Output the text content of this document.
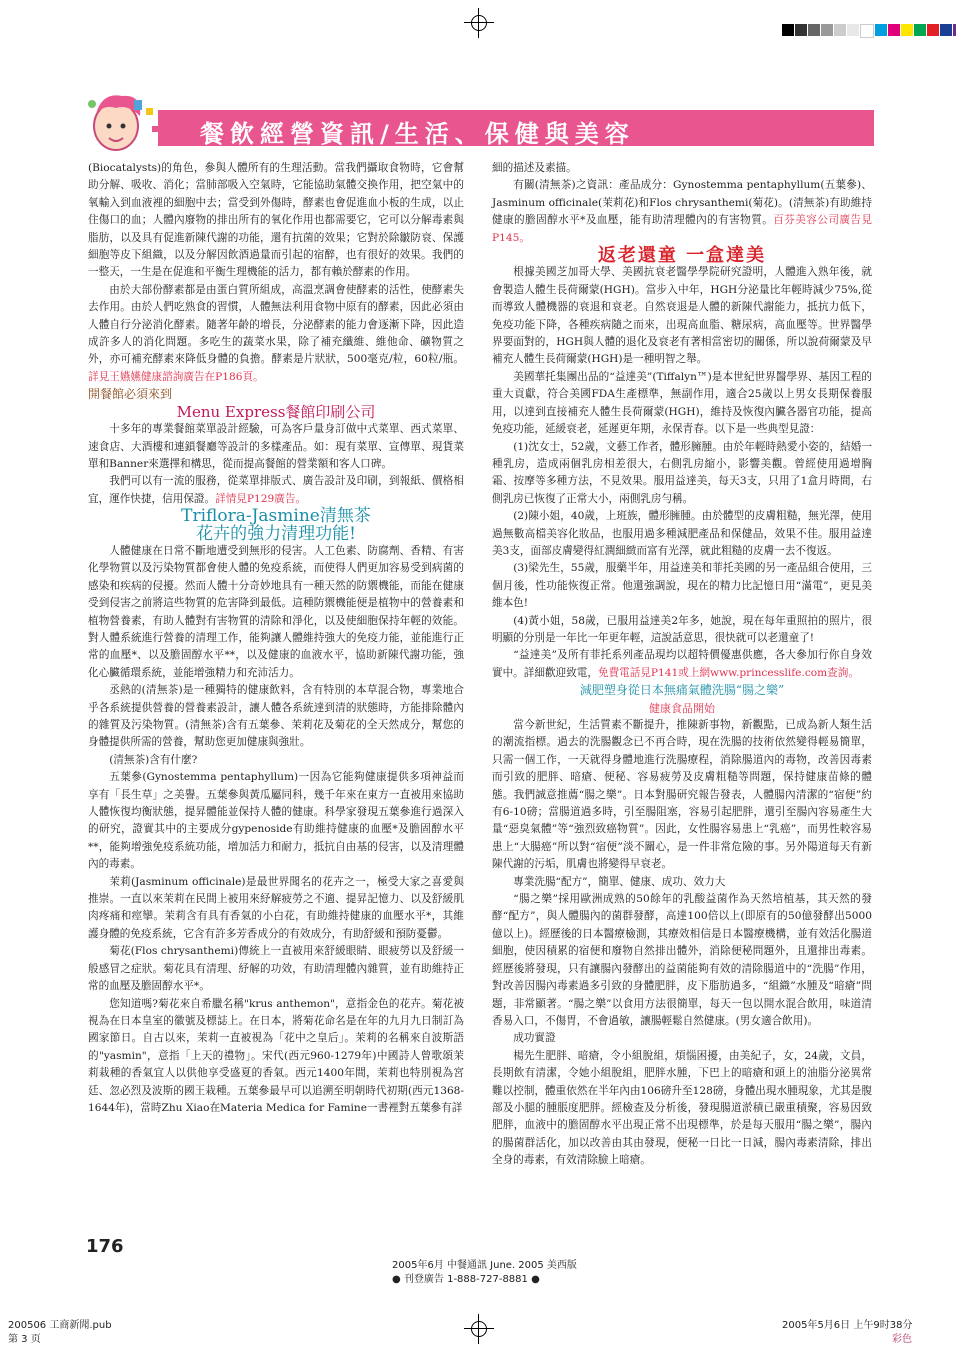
餐飲經營資訊/生活、保健與美容

(Biocatalysts)的角色，參與人體所有的生理活動。當我們攝取食物時，它會幫助分解、吸收、消化；當肺部吸入空氣時，它能協助氣體交換作用，把空氣中的氧輸入到血液裡的細胞中去；當受到外傷時，酵素也會促進血小板的生成，以止住傷口的血；人體內廢物的排出所有的氧化作用也都需要它，它可以分解毒素與脂肪，以及具有促進新陳代謝的功能，還有抗菌的效果；它對於除皺防衰、保護細胞等皮下組織，以及分解因飲酒過量而引起的宿醉，也有很好的效果。我們的一整天，一生是在促進和平衡生理機能的活力，都有賴於酵素的作用。

由於大部份酵素都是由蛋白質所組成，高溫烹調會使酵素的活性，使酵素失去作用。由於人們吃熟食的習慣，人體無法利用食物中原有的酵素，因此必須由人體自行分泌消化酵素。隨著年齡的增長，分泌酵素的能力會逐漸下降，因此造成許多人的消化問題。多吃生的蔬菜水果，除了補充纖維、維他命、礦物質之外，亦可補充酵素來降低身體的負擔。酵素是片狀狀，500毫克/粒，60粒/瓶。詳見王嬿嬿健康諮詢廣告在P186頁。

開餐館必須來到

Menu Express餐館印刷公司

十多年的專業餐館菜單設計經驗，可為客戶量身訂做中式菜單、西式菜單、速食店、大酒樓和連鎖餐廳等設計的多樣產品。如：現有菜單、宣傳單、現貨菜單和Banner來選擇和構思，從而提高餐館的營業額和客人口碑。

我們可以有一流的服務，從菜單排版式、廣告設計及印刷，到報紙、價格相宜，運作快捷，信用保證。詳情見P129廣告。

Triflora-Jasmine清無茶

花卉的強力清理功能!

人體健康在日常不斷地遭受到無形的侵害。人工色素、防腐劑、香精、有害化學物質以及污染物質都會使人體的免疫系統，而使得人們更加容易受到病菌的感染和疾病的侵擾。然而人體十分奇妙地具有一種天然的防禦機能，而能在健康受到侵害之前將這些物質的危害降到最低。這種防禦機能便是植物中的營養素和植物營養素，有助人體對有害物質的清除和淨化，以及使細胞保持年輕的效能。對人體系統進行營養的清理工作，能夠讓人體維持強大的免疫力能，並能進行正常的血壓*、以及膽固醇水平**，以及健康的血液水平，協助新陳代謝功能，強化心臟循環系統，並能增強精力和充沛活力。

丞熱的(清無茶)是一種獨特的健康飲料，含有特別的本草混合物，專業地合乎各系統提供營養的營養素設計，讓人體各系統達到清的狀態時，方能排除體內的雜質及污染物質。(清無茶)含有五葉參、茉莉花及菊花的全天然成分，幫您的身體提供所需的營養，幫助您更加健康與強壯。

(清無茶)含有什麼?

五葉參(Gynostemma pentaphyllum)一因為它能夠健康提供多項神益而享有「長生草」之美譽。五葉參與黃瓜屬同科，幾千年來在東方一直被用來協助人體恢復均衡狀態，提昇體能並保持人體的健康。科學家發現五葉參進行過深入的研究，證實其中的主要成分gypenoside有助維持健康的血壓*及膽固醇水平**，能夠增強免疫系統功能，增加活力和耐力，抵抗自由基的侵害，以及清理體內的毒素。

茉莉(Jasminum officinale)是最世界聞名的花卉之一，極受大家之喜愛與推崇。一直以來茉莉在民間上被用來紓解疲勞之不適、提昇記憶力、以及舒緩肌肉疼痛和痙攣。茉莉含有具有香氣的小白花，有助維持健康的血壓水平*，其維護身體的免疫系統，它含有許多芳香成分的有效成分，有助舒緩和預防憂鬱。

菊花(Flos chrysanthemi)傳統上一直被用來舒緩眼睛、眼疲勞以及舒緩一般感冒之症狀。菊花具有清理、紓解的功效，有助清理體內雜質，並有助維持正常的血壓及膽固醇水平*。

您知道嗎?菊花來自希臘名稱"krus anthemon"，意指金色的花卉。菊花被視為在日本皇室的徽號及標誌上。在日本，將菊花命名是在年的九月九日制訂為國家節日。自古以來，茉莉一直被視為「花中之皇后」。茉莉的名稱來自波斯語的"yasmin"，意指「上天的禮物」。宋代(西元960-1279年)中國詩人曾歌頌茉莉栽種的香氣宜人以供他享受盛夏的香氣。西元1400年間，茉莉也特別視為宮廷、忽必烈及波斯的國王栽種。五葉參最早可以追溯至明朝時代初期(西元1368-1644年)，當時Zhu Xiao在Materia Medica for Famine一書裡對五葉參有詳

細的描述及素描。

有關(清無茶)之資訊：產品成分：Gynostemma pentaphyllum(五葉參)、Jasminum officinale(茉莉花)和Flos chrysanthemi(菊花)。(清無茶)有助維持健康的膽固醇水平*及血壓，能有助清理體內的有害物質。百芬美容公司廣告見P145。

返老還童 一盒達美

根據美國芝加哥大學、美國抗衰老醫學學院研究證明，人體進入熟年後，就會製造人體生長荷爾蒙(HGH)。當步入中年，HGH分泌量比年輕時減少75%,從而導致人體機器的衰退和衰老。自然衰退是人體的新陳代謝能力，抵抗力低下，免疫功能下降，各種疾病隨之而來，出現高血脂、糖尿病，高血壓等。世界醫學界要面對的，HGH與人體的退化及衰老有著相當密切的關係，所以說荷爾蒙及早補充人體生長荷爾蒙(HGH)是一種明智之舉。

美國華托集團出品的“益達美”(Tiffalyn™)是本世紀世界醫學界、基因工程的重大貢獻，符合美國FDA生產標準，無副作用，適合25歲以上男女長期保養服用，以達到直接補充人體生長荷爾蒙(HGH)，維持及恢復內臟各器官功能，提高免疫功能，延緩衰老，延遲更年期，永保青春。以下是一些典型見證：

(1)沈女士，52歲，文藝工作者，體形臃腫。由於年輕時熱愛小姿的，結婚一種乳房，造成兩個乳房相差很大，右側乳房縮小，影響美觀。曾經使用過增胸霜、按摩等多種方法，不見效果。服用益達美，每天3支，只用了1盒月時間，右側乳房已恢復了正常大小，兩側乳房勻稱。

(2)陳小姐，40歲，上班族，體形臃腫。由於體型的皮膚粗糙，無光澤，使用過無數高檔美容化妝品，也服用過多種減肥產品和保健品，效果不佳。服用益達美3支，面部皮膚變得紅潤細緻而富有光澤，就此粗糙的皮膚一去不復返。

(3)梁先生，55歲，服藥半年，用益達美和菲托美國的另一產品組合使用，三個月後，性功能恢復正常。他還強調說，現在的精力比記憶日用“滿電”，更見美維本色!

(4)黃小姐，58歲，已服用益達美2年多，她說，現在每年重照拍的照片，很明顯的分別是一年比一年更年輕，這說話意思，很快就可以老還童了!

“益達美”及所有菲托系列產品現均以超特價優惠供應，各大參加行你自身效實中。詳細歡迎致電，免費電話見P141或上網www.princesslife.com查詢。

減肥塑身從日本無痛氣體洗腸“腸之樂”

健康食品開始

當今新世紀，生活質素不斷提升，推陳新事物，新觀點，已成為新人類生活的潮流指標。過去的洗腸觀念已不再合時，現在洗腸的技術依然變得輕易簡單，只需一個工作，一天就得身體地進行洗腸療程，消除腸道內的毒物，改善因毒素而引致的肥胖、暗瘡、便秘、容易疲勞及皮膚粗糙等問題，保持健康苗條的體態。我們誠意推薦“腸之樂”。日本對腸研究報告發表，人體腸內清潔的“宿便”約有6-10磅；當腸道過多時，引至腸阻塞，容易引起肥胖，還引至腸內容易產生大量“惡臭氣體”等“強烈致癌物質”。因此，女性腸容易患上“乳癌”，而男性較容易患上“大腸癌”所以對“宿便”淡不關心，是一件非常危險的事。另外陽道每天有新陳代謝的污垢，肌膚也將變得早衰老。

專業洗腸“配方”，簡單、健康、成功、效力大

“腸之樂”採用歐洲成熟的50餘年的乳酸益菌作為天然培植基，其天然的發酵“配方”，與人體腸內的菌群發酵，高達100倍以上(即原有的50億發酵出5000億以上)。經歷後的日本醫療檢測，其療效相信是日本醫療機構，並有效活化腸道細胞，使因積累的宿便和廢物自然排出體外，消除便秘問題外，且還排出毒素。經歷後將發現，只有讓腸內發酵出的益菌能夠有效的清除腸道中的“洗腸”作用，對改善因腸內毒素過多引致的身體肥胖，皮下脂肪過多，“組織”水腫及“暗瘡”問題，非常顯著。“腸之樂”以食用方法很簡單，每天一包以開水混合飲用，味道清香易入口，不傷胃，不會過敏，讓腸輕鬆自然健康。(男女適合飲用)。

成功實證

楊先生肥胖、暗瘡，令小組脫組，煩惱困擾，由美紀子，女，24歲，文員，長期飲有清潔，令她小組脫組，肥胖水腫，下巴上的暗瘡和頭上的油脂分泌異常難以控制，體重依然在半年內由106磅升至128磅，身體出現水腫現象，尤其是腹部及小腿的腫脹度肥胖。經檢查及分析後，發現腸道淤積已嚴重積聚，容易因致肥胖，血液中的膽固醇水平出現正常不出現標準，於是每天服用“腸之樂”，腸內的腸菌群活化，加以改善由其由發現，便秘一日比一日減，腸內毒素清除，排出全身的毒素，有效清除臉上暗瘡。

176
2005年6月 中餐通訊 June. 2005 美西版
● 刊登廣告 1-888-727-8881 ●
200506 工商新聞.pub
第 3 页
2005年5月6日 上午9时38分
彩色
